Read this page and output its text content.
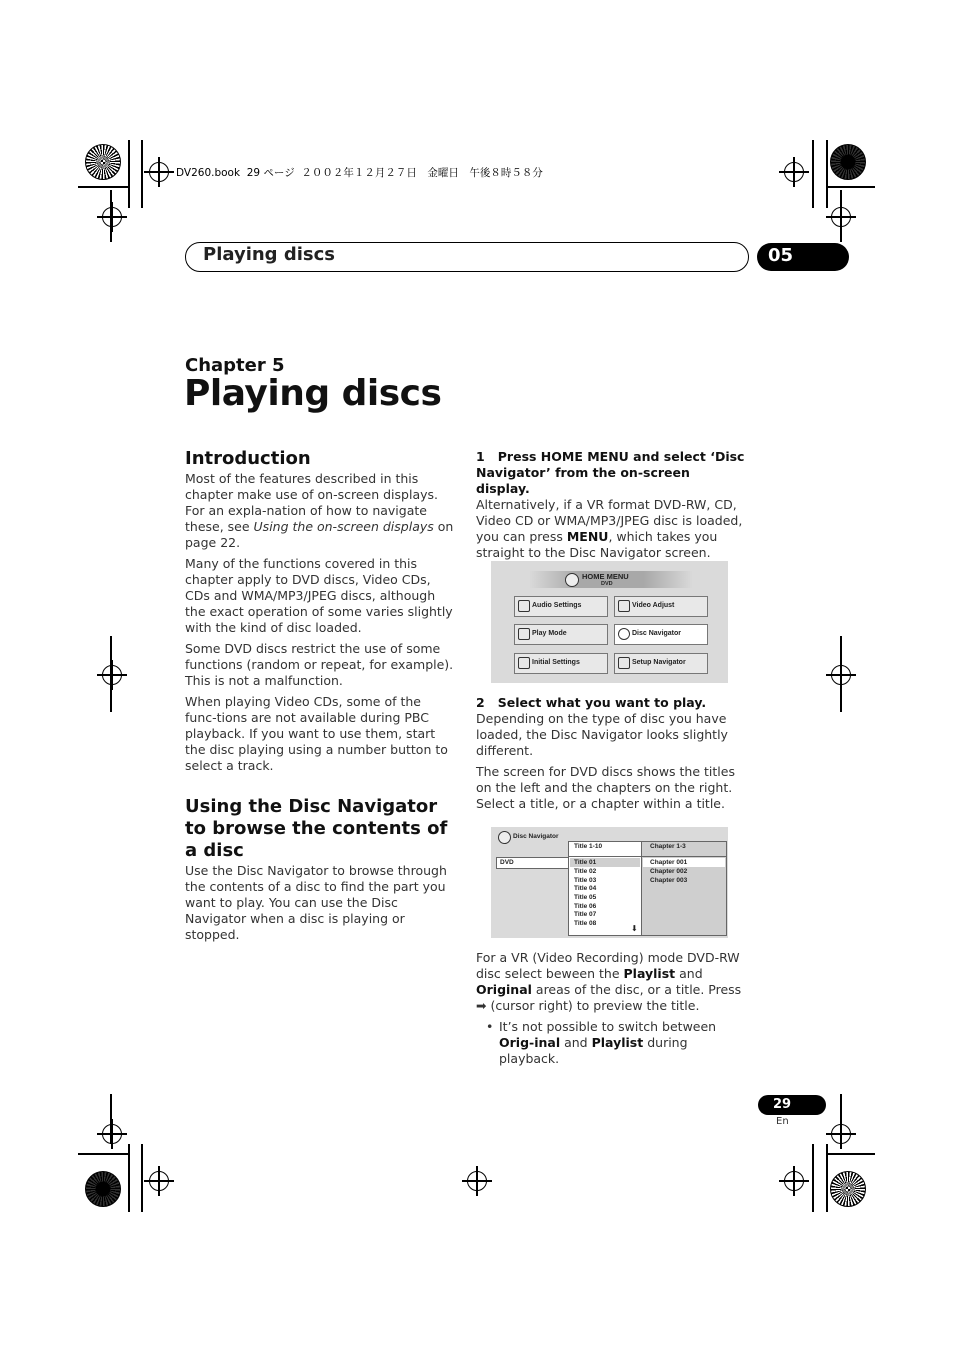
DV260.book  29 ページ  ２００２年１２月２７日　金曜日　午後８時５８分
Playing discs	05
Chapter 5
Playing discs
Introduction
Most of the features described in this chapter make use of on-screen displays. For an expla-nation of how to navigate these, see Using the on-screen displays on page 22.
Many of the functions covered in this chapter apply to DVD discs, Video CDs, CDs and WMA/MP3/JPEG discs, although the exact operation of some varies slightly with the kind of disc loaded.
Some DVD discs restrict the use of some functions (random or repeat, for example). This is not a malfunction.
When playing Video CDs, some of the func-tions are not available during PBC playback. If you want to use them, start the disc playing using a number button to select a track.
Using the Disc Navigator to browse the contents of a disc
Use the Disc Navigator to browse through the contents of a disc to find the part you want to play. You can use the Disc Navigator when a disc is playing or stopped.
1 Press HOME MENU and select ‘Disc Navigator’ from the on-screen display.
Alternatively, if a VR format DVD-RW, CD, Video CD or WMA/MP3/JPEG disc is loaded, you can press MENU, which takes you straight to the Disc Navigator screen.
HOME MENU
DVD
Audio Settings	Video Adjust
Play Mode	Disc Navigator
Initial Settings	Setup Navigator
2 Select what you want to play.
Depending on the type of disc you have loaded, the Disc Navigator looks slightly different.
The screen for DVD discs shows the titles on the left and the chapters on the right. Select a title, or a chapter within a title.
Disc Navigator
DVD
Title 1-10
Title 01
Title 02
Title 03
Title 04
Title 05
Title 06
Title 07
Title 08
⬇
Chapter 1-3
Chapter 001
Chapter 002
Chapter 003
For a VR (Video Recording) mode DVD-RW disc select beween the Playlist and Original areas of the disc, or a title. Press ➡ (cursor right) to preview the title.
• It’s not possible to switch between Orig-inal and Playlist during playback.
29
En
